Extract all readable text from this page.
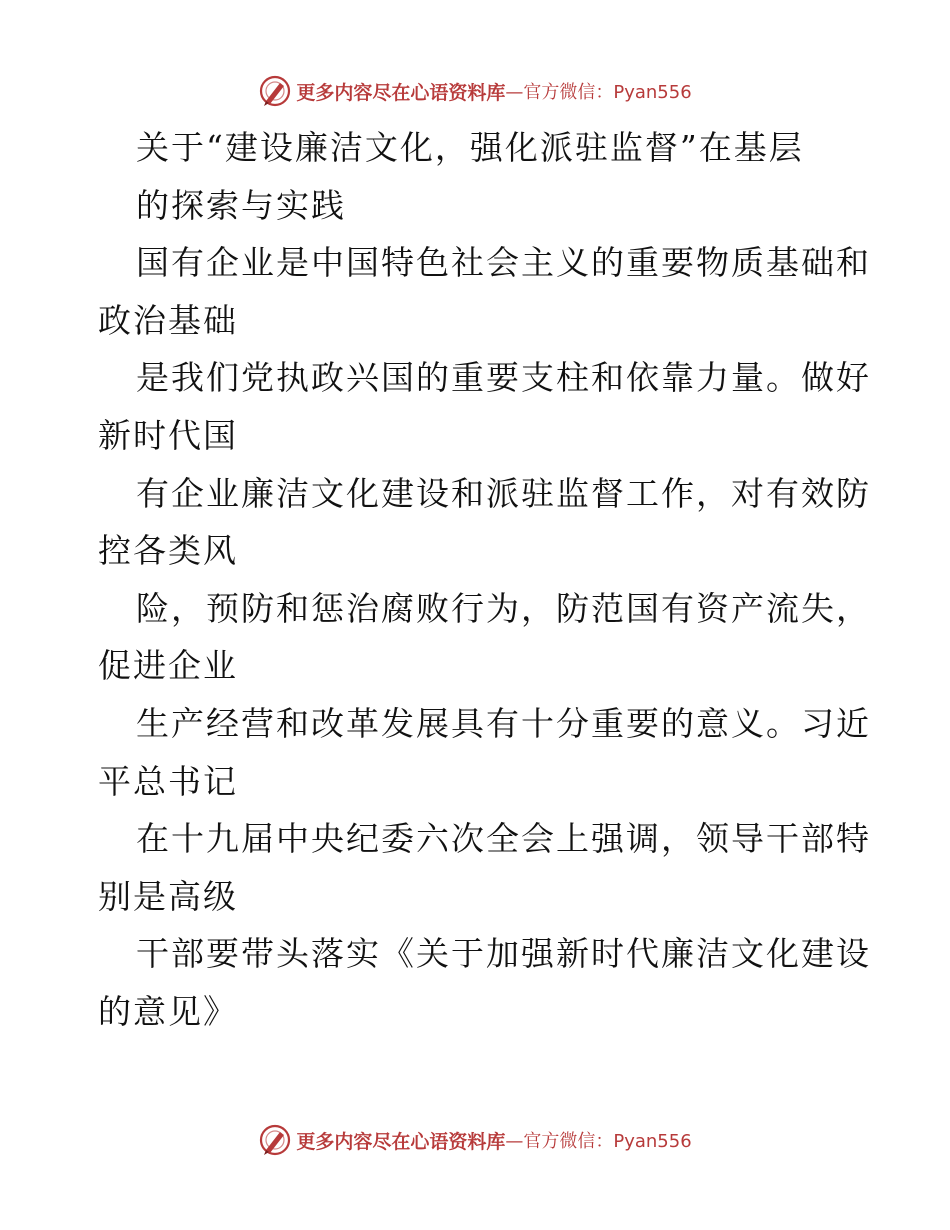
更多内容尽在心语资料库 —官方微信：Pyan556
关于“建设廉洁文化，强化派驻监督”在基层
的探索与实践
国有企业是中国特色社会主义的重要物质基础和
政治基础
是我们党执政兴国的重要支柱和依靠力量。做好
新时代国
有企业廉洁文化建设和派驻监督工作，对有效防
控各类风
险，预防和惩治腐败行为，防范国有资产流失，
促进企业
生产经营和改革发展具有十分重要的意义。习近
平总书记
在十九届中央纪委六次全会上强调，领导干部特
别是高级
干部要带头落实《关于加强新时代廉洁文化建设
的意见》
更多内容尽在心语资料库 —官方微信：Pyan556
